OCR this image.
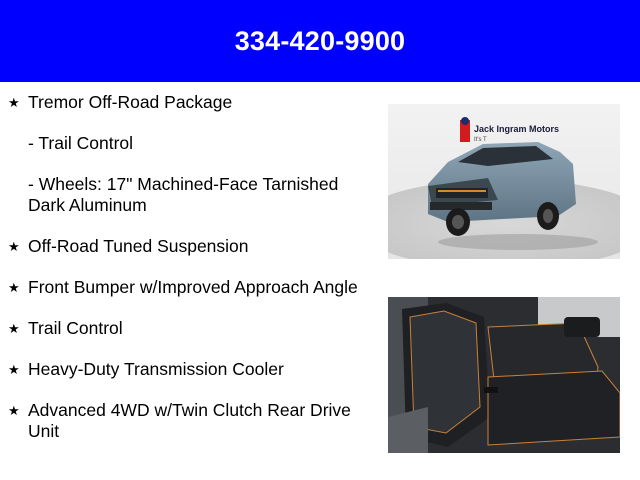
334-420-9900
★ Tremor Off-Road Package
- Trail Control
- Wheels: 17" Machined-Face Tarnished Dark Aluminum
★ Off-Road Tuned Suspension
★ Front Bumper w/Improved Approach Angle
★ Trail Control
★ Heavy-Duty Transmission Cooler
★ Advanced 4WD w/Twin Clutch Rear Drive Unit
Jack Ingram Motors
It's T
